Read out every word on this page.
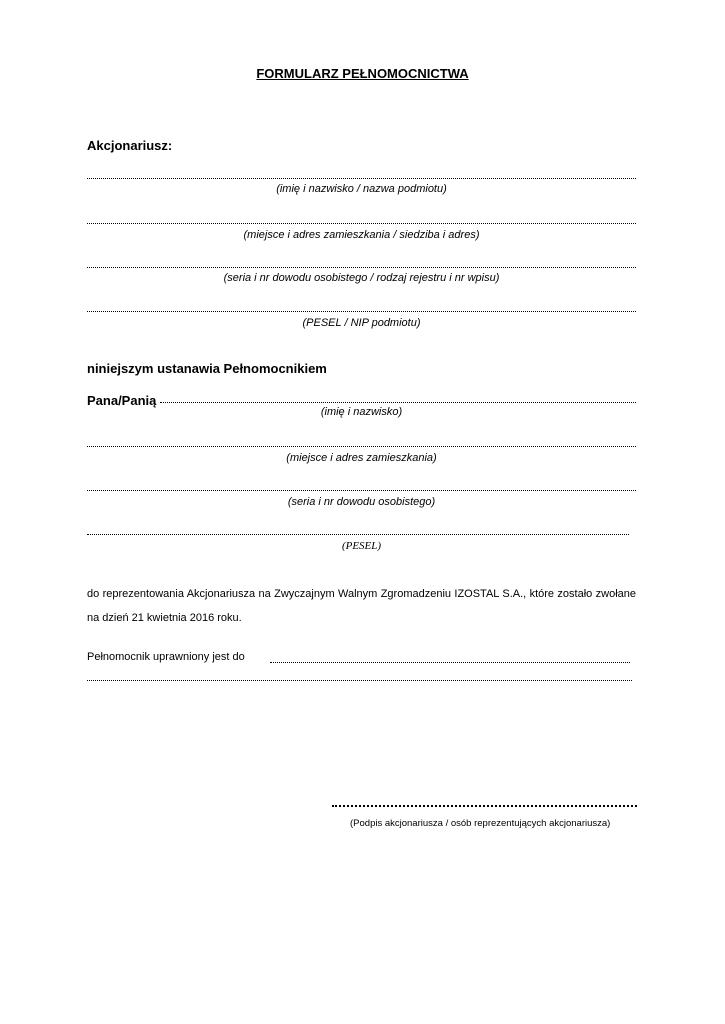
FORMULARZ PEŁNOMOCNICTWA
Akcjonariusz:
(imię i nazwisko / nazwa podmiotu)
(miejsce i adres zamieszkania / siedziba i adres)
(seria i nr dowodu osobistego / rodzaj rejestru i nr wpisu)
(PESEL / NIP podmiotu)
niniejszym ustanawia Pełnomocnikiem
Pana/Panią
(imię i nazwisko)
(miejsce i adres zamieszkania)
(seria i nr dowodu osobistego)
(PESEL)
do reprezentowania Akcjonariusza na Zwyczajnym Walnym Zgromadzeniu IZOSTAL S.A., które zostało zwołane na dzień 21 kwietnia 2016 roku.
Pełnomocnik uprawniony jest do
(Podpis akcjonariusza / osób reprezentujących akcjonariusza)
